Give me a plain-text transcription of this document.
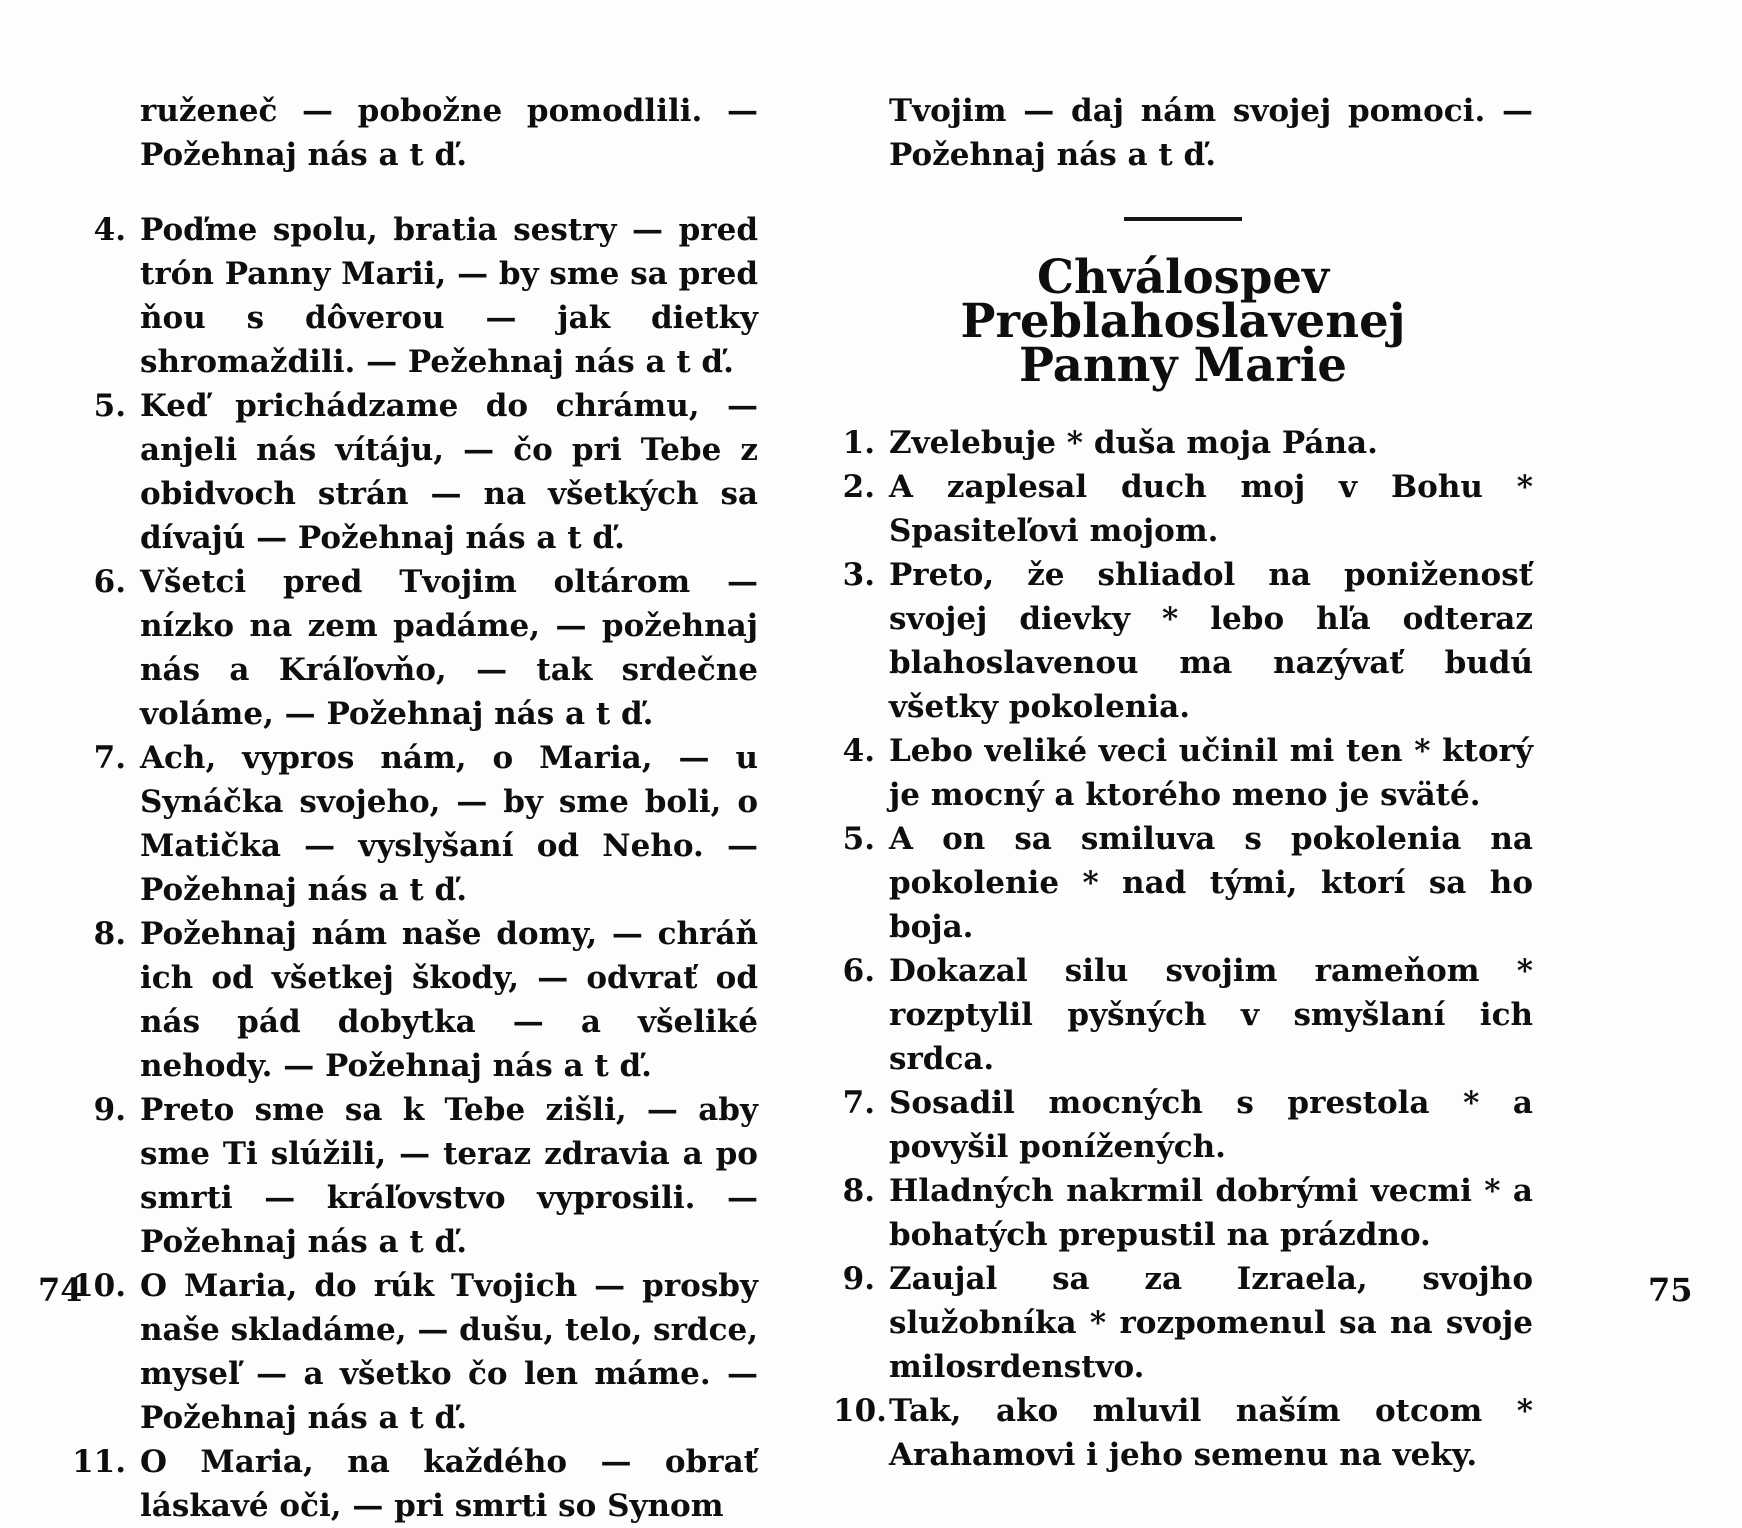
ruženeč — pobožne pomodlili. — Požehnaj nás a t ď.

4. Poďme spolu, bratia sestry — pred trón Panny Marii, — by sme sa pred ňou s dôverou — jak dietky shromaždili. — Pežehnaj nás a t ď.
5. Keď prichádzame do chrámu, — anjeli nás vítáju, — čo pri Tebe z obidvoch strán — na všetkých sa dívajú — Požehnaj nás a t ď.
6. Všetci pred Tvojim oltárom — nízko na zem padáme, — požehnaj nás a Kráľovňo, — tak srdečne voláme, — Požehnaj nás a t ď.
7. Ach, vypros nám, o Maria, — u Synáčka svojeho, — by sme boli, o Matička — vyslyšaní od Neho. — Požehnaj nás a t ď.
8. Požehnaj nám naše domy, — chráň ich od všetkej škody, — odvrať od nás pád dobytka — a všeliké nehody. — Požehnaj nás a t ď.
9. Preto sme sa k Tebe zišli, — aby sme Ti slúžili, — teraz zdravia a po smrti — kráľovstvo vyprosili. — Požehnaj nás a t ď.
10. O Maria, do rúk Tvojich — prosby naše skladáme, — dušu, telo, srdce, myseľ — a všetko čo len máme. — Požehnaj nás a t ď.
11. O Maria, na každého — obrať láskavé oči, — pri smrti so Synom

Tvojim — daj nám svojej pomoci. — Požehnaj nás a t ď.

Chválospev Preblahoslavenej
Panny Marie
1. Zvelebuje * duša moja Pána.
2. A zaplesal duch moj v Bohu * Spasiteľovi mojom.
3. Preto, že shliadol na poniženosť svojej dievky * lebo hľa odteraz blahoslavenou ma nazývať budú všetky pokolenia.
4. Lebo veliké veci učinil mi ten * ktorý je mocný a ktorého meno je sväté.
5. A on sa smiluva s pokolenia na pokolenie * nad tými, ktorí sa ho boja.
6. Dokazal silu svojim rameňom * rozptylil pyšných v smyšlaní ich srdca.
7. Sosadil mocných s prestola * a povyšil ponížených.
8. Hladných nakrmil dobrými vecmi * a bohatých prepustil na prázdno.
9. Zaujal sa za Izraela, svojho služobníka * rozpomenul sa na svoje milosrdenstvo.
10. Tak, ako mluvil naším otcom * Arahamovi i jeho semenu na veky.
74	75
